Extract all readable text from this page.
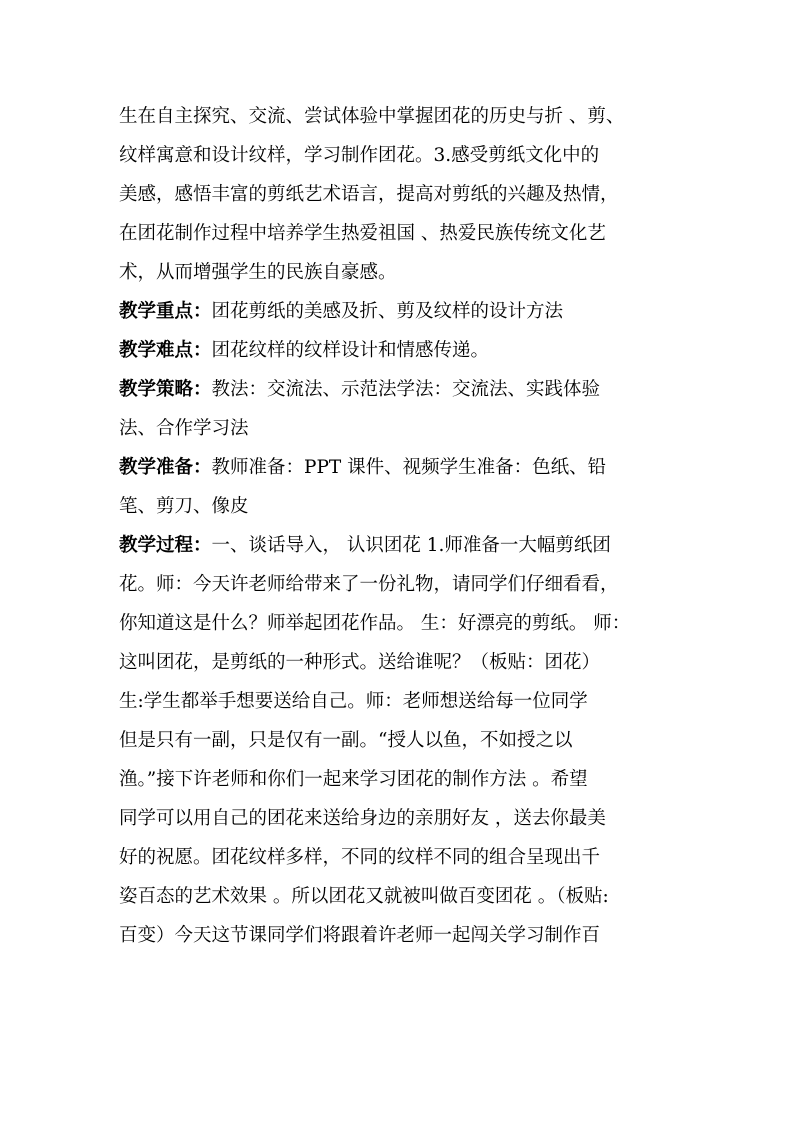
生在自主探究、交流、尝试体验中掌握团花的历史与折 、剪、
纹样寓意和设计纹样，学习制作团花。3.感受剪纸文化中的
美感，感悟丰富的剪纸艺术语言，提高对剪纸的兴趣及热情，
在团花制作过程中培养学生热爱祖国 、热爱民族传统文化艺
术，从而增强学生的民族自豪感。
教学重点：团花剪纸的美感及折、剪及纹样的设计方法
教学难点：团花纹样的纹样设计和情感传递。
教学策略：教法：交流法、示范法学法：交流法、实践体验
法、合作学习法
教学准备：教师准备：PPT 课件、视频学生准备：色纸、铅
笔、剪刀、像皮
教学过程：一、谈话导入， 认识团花 1.师准备一大幅剪纸团
花。师：今天许老师给带来了一份礼物，请同学们仔细看看，
你知道这是什么？师举起团花作品。 生：好漂亮的剪纸。 师：
这叫团花，是剪纸的一种形式。送给谁呢？（板贴：团花）
生:学生都举手想要送给自己。师：老师想送给每一位同学
但是只有一副，只是仅有一副。“授人以鱼，不如授之以
渔。”接下许老师和你们一起来学习团花的制作方法 。希望
同学可以用自己的团花来送给身边的亲朋好友 ，送去你最美
好的祝愿。团花纹样多样，不同的纹样不同的组合呈现出千
姿百态的艺术效果 。所以团花又就被叫做百变团花 。（板贴:
百变）今天这节课同学们将跟着许老师一起闯关学习制作百
